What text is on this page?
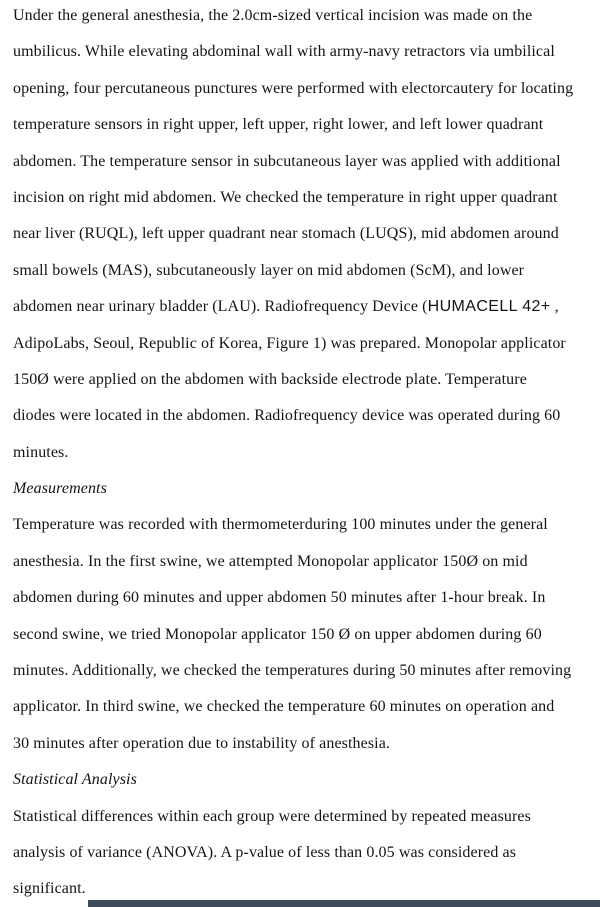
Under the general anesthesia, the 2.0cm-sized vertical incision was made on the
umbilicus. While elevating abdominal wall with army-navy retractors via umbilical
opening, four percutaneous punctures were performed with electorcautery for locating
temperature sensors in right upper, left upper, right lower, and left lower quadrant
abdomen. The temperature sensor in subcutaneous layer was applied with additional
incision on right mid abdomen. We checked the temperature in right upper quadrant
near liver (RUQL), left upper quadrant near stomach (LUQS), mid abdomen around
small bowels (MAS), subcutaneously layer on mid abdomen (ScM), and lower
abdomen near urinary bladder (LAU). Radiofrequency Device (HUMACELL 42+ ,
AdipoLabs, Seoul, Republic of Korea, Figure 1) was prepared. Monopolar applicator
150Ø were applied on the abdomen with backside electrode plate. Temperature
diodes were located in the abdomen. Radiofrequency device was operated during 60
minutes.
Measurements
Temperature was recorded with thermometerduring 100 minutes under the general
anesthesia. In the first swine, we attempted Monopolar applicator 150Ø on mid
abdomen during 60 minutes and upper abdomen 50 minutes after 1-hour break. In
second swine, we tried Monopolar applicator 150 Ø on upper abdomen during 60
minutes. Additionally, we checked the temperatures during 50 minutes after removing
applicator. In third swine, we checked the temperature 60 minutes on operation and
30 minutes after operation due to instability of anesthesia.
Statistical Analysis
Statistical differences within each group were determined by repeated measures
analysis of variance (ANOVA). A p-value of less than 0.05 was considered as
significant.
